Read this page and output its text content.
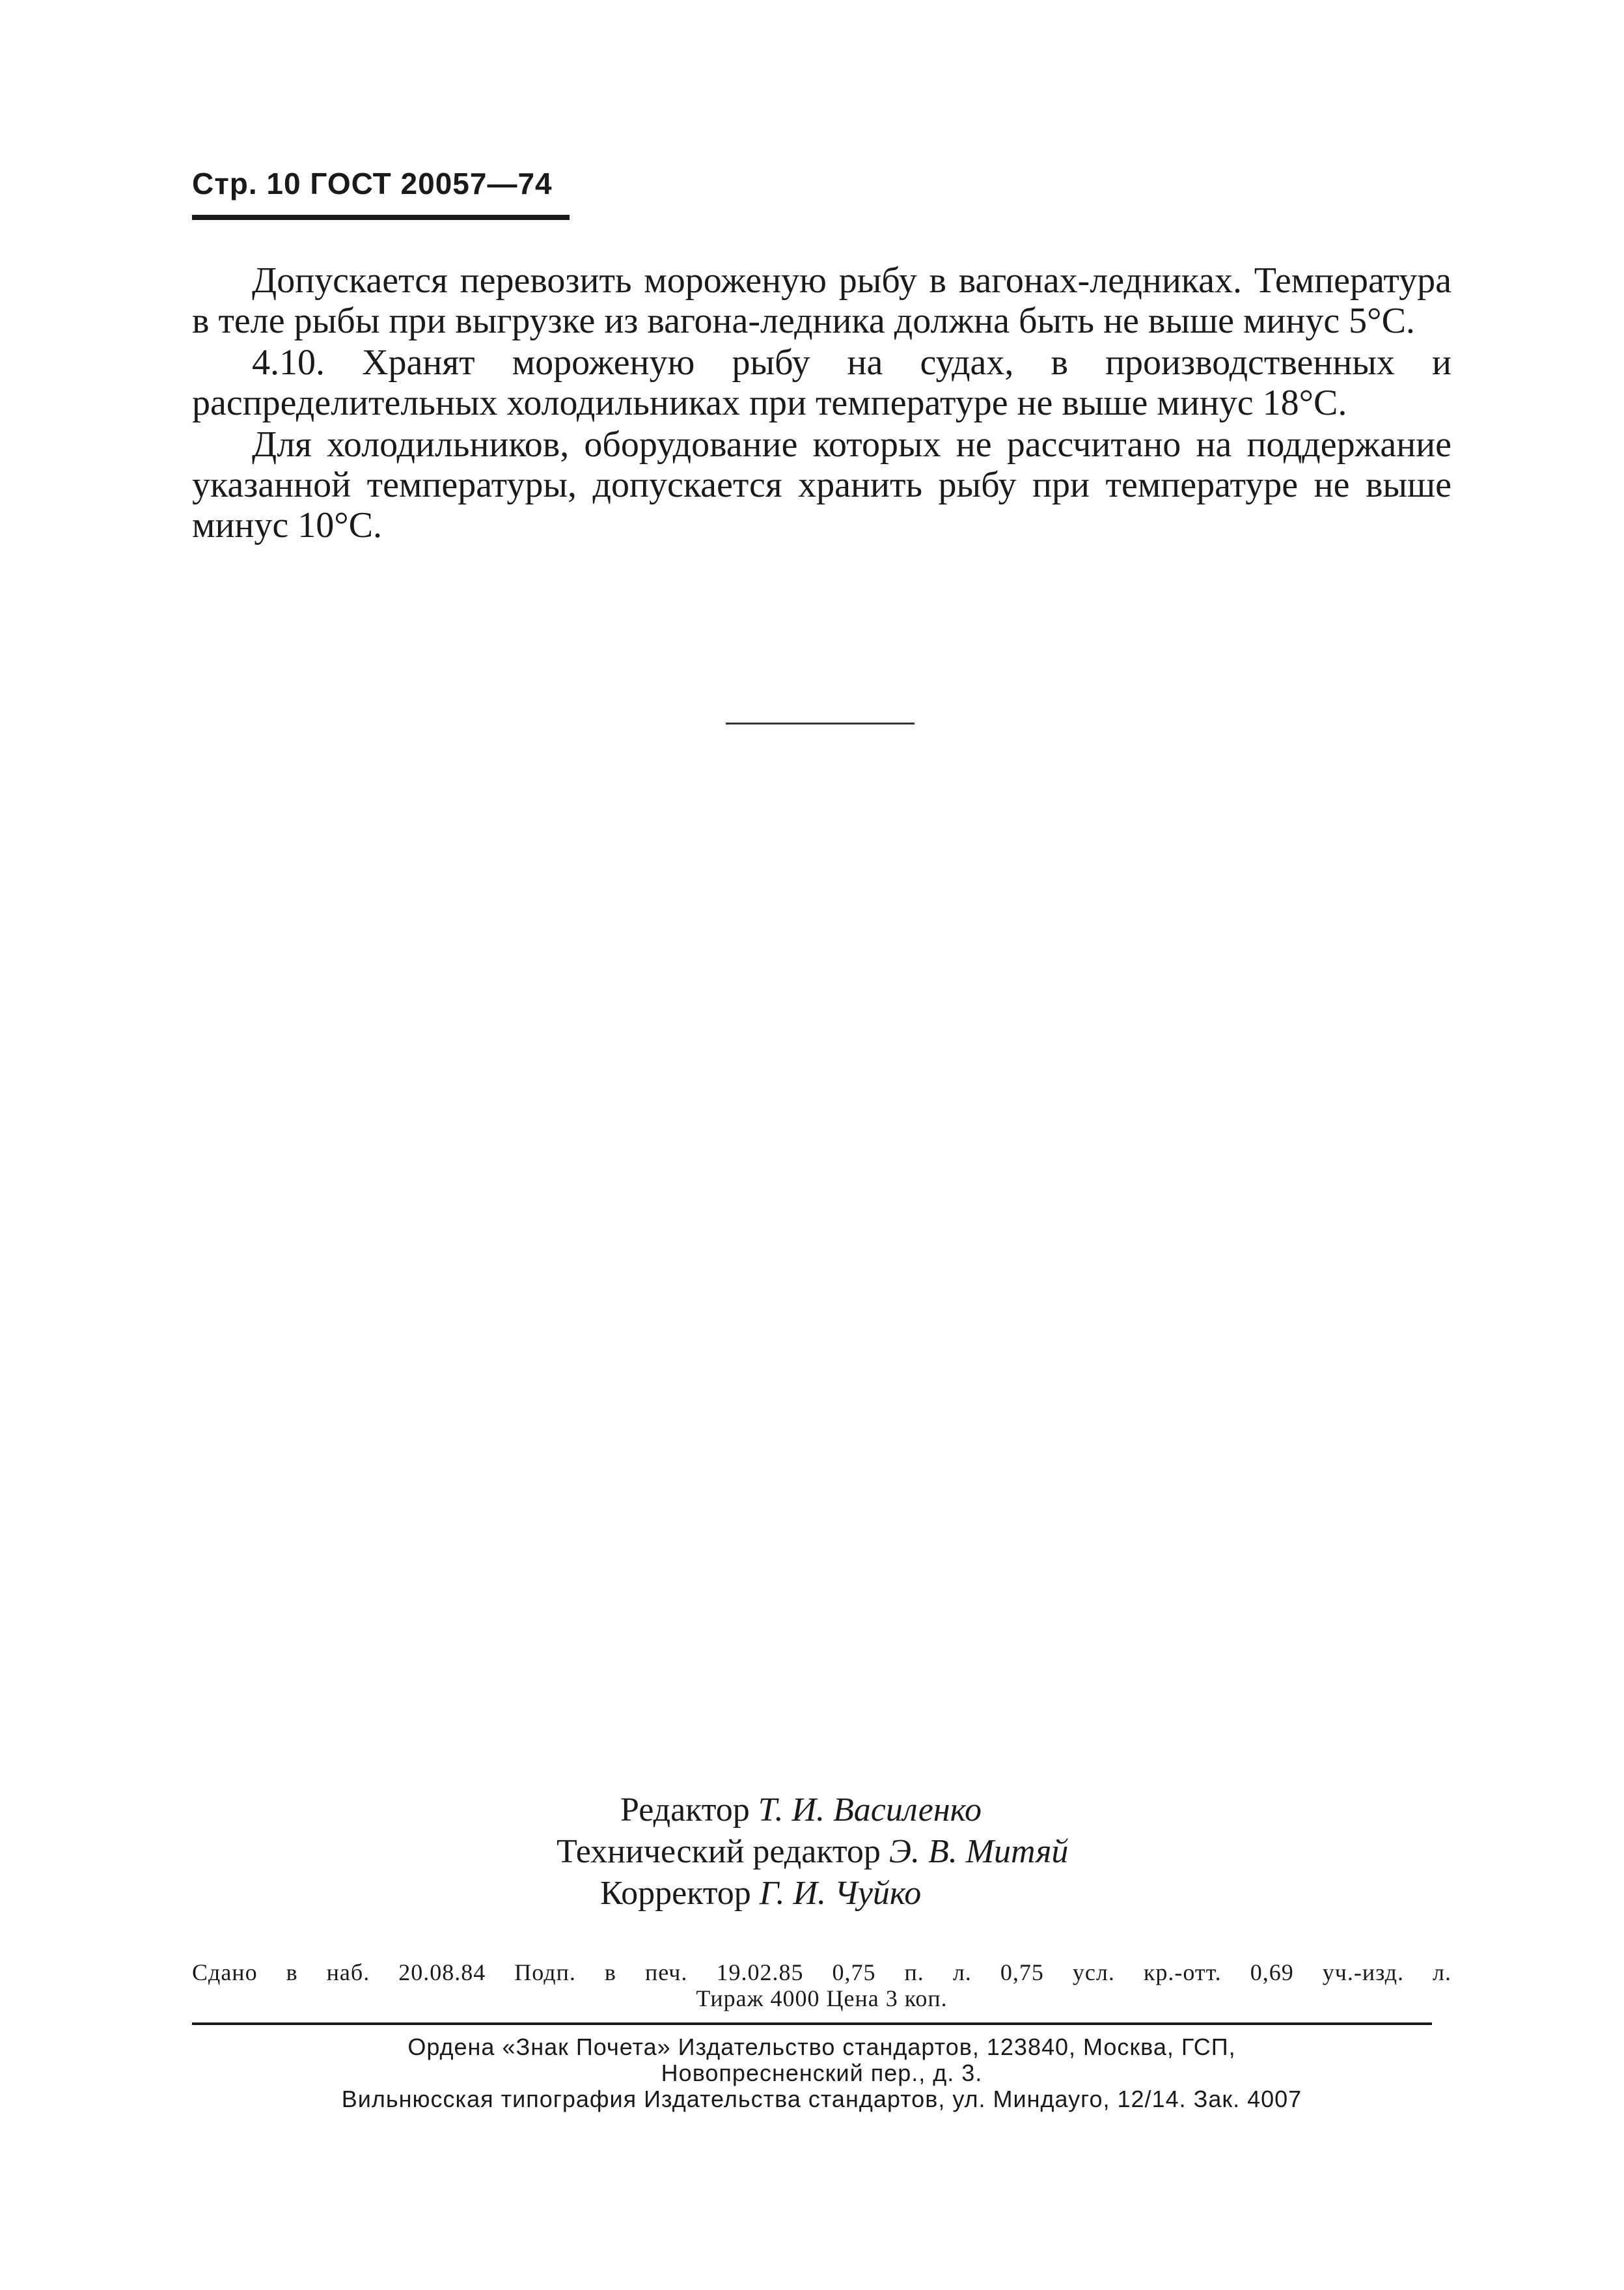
Стр. 10 ГОСТ 20057—74

Допускается перевозить мороженую рыбу в вагонах-ледниках. Температура в теле рыбы при выгрузке из вагона-ледника должна быть не выше минус 5°С.

4.10. Хранят мороженую рыбу на судах, в производственных и распределительных холодильниках при температуре не выше минус 18°С.

Для холодильников, оборудование которых не рассчитано на поддержание указанной температуры, допускается хранить рыбу при температуре не выше минус 10°С.

Редактор Т. И. Василенко
Технический редактор Э. В. Митяй
Корректор Г. И. Чуйко
Сдано в наб. 20.08.84 Подп. в печ. 19.02.85 0,75 п. л. 0,75 усл. кр.-отт. 0,69 уч.-изд. л.
Тираж 4000 Цена 3 коп.
Ордена «Знак Почета» Издательство стандартов, 123840, Москва, ГСП,
Новопресненский пер., д. 3.
Вильнюсская типография Издательства стандартов, ул. Миндауго, 12/14. Зак. 4007
